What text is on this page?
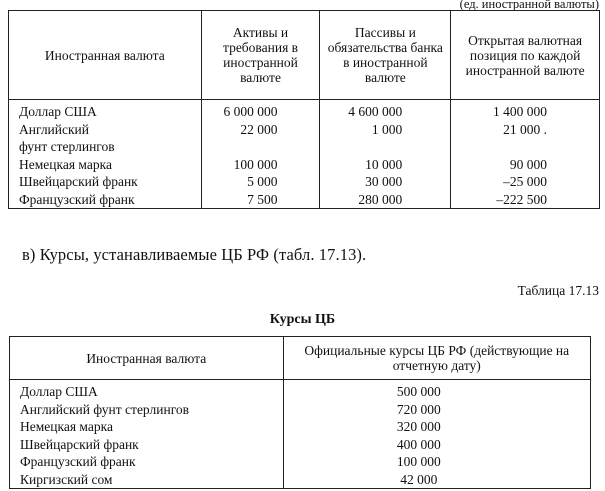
(ед. иностранной валюты)
Иностранная валюта	Активы и требования в иностранной валюте	Пассивы и обязательства банка в иностранной валюте	Открытая валютная позиция по каждой иностранной валюте
Доллар США	6 000 000	4 600 000	1 400 000
Английский	22 000	1 000	21 000 .
фунт стерлингов			
Немецкая марка	100 000	10 000	90 000
Швейцарский франк	5 000	30 000	–25 000
Французский франк	7 500	280 000	–222 500
в) Курсы, устанавливаемые ЦБ РФ (табл. 17.13).
Таблица 17.13
Курсы ЦБ
Иностранная валюта	Официальные курсы ЦБ РФ (действующие на отчетную дату)
Доллар США	500 000
Английский фунт стерлингов	720 000
Немецкая марка	320 000
Швейцарский франк	400 000
Французский франк	100 000
Киргизский сом	42 000
